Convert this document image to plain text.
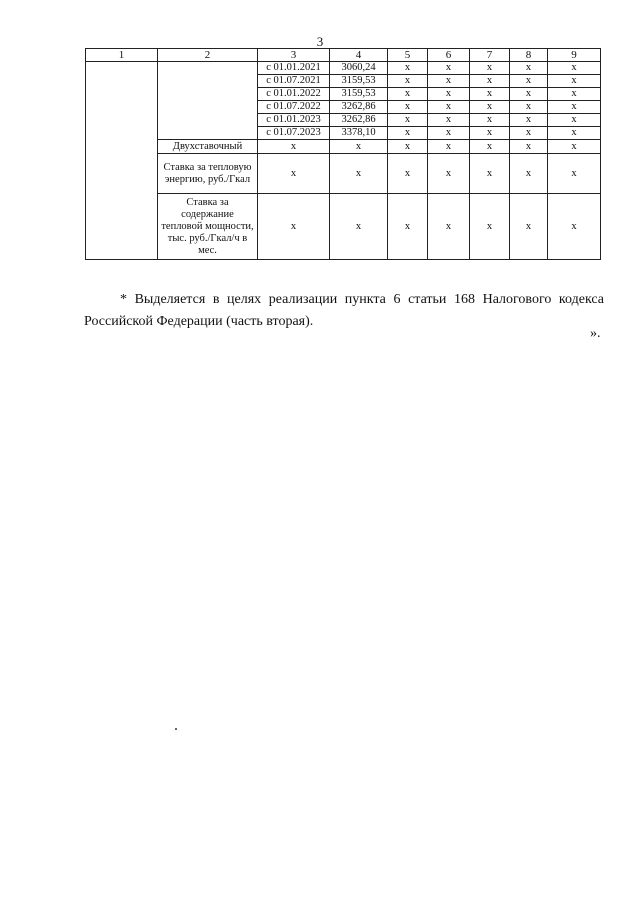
3
1	2	3	4	5	6	7	8	9
		с 01.01.2021	3060,24	х	х	х	х	х
		с 01.07.2021	3159,53	х	х	х	х	х
		с 01.01.2022	3159,53	х	х	х	х	х
		с 01.07.2022	3262,86	х	х	х	х	х
		с 01.01.2023	3262,86	х	х	х	х	х
		с 01.07.2023	3378,10	х	х	х	х	х
	Двухставочный	х	х	х	х	х	х	х
	Ставка за тепловую энергию, руб./Гкал	х	х	х	х	х	х	х
	Ставка за содержание тепловой мощности, тыс. руб./Гкал/ч в мес.	х	х	х	х	х	х	х
* Выделяется в целях реализации пункта 6 статьи 168 Налогового кодекса Российской Федерации (часть вторая).
».
